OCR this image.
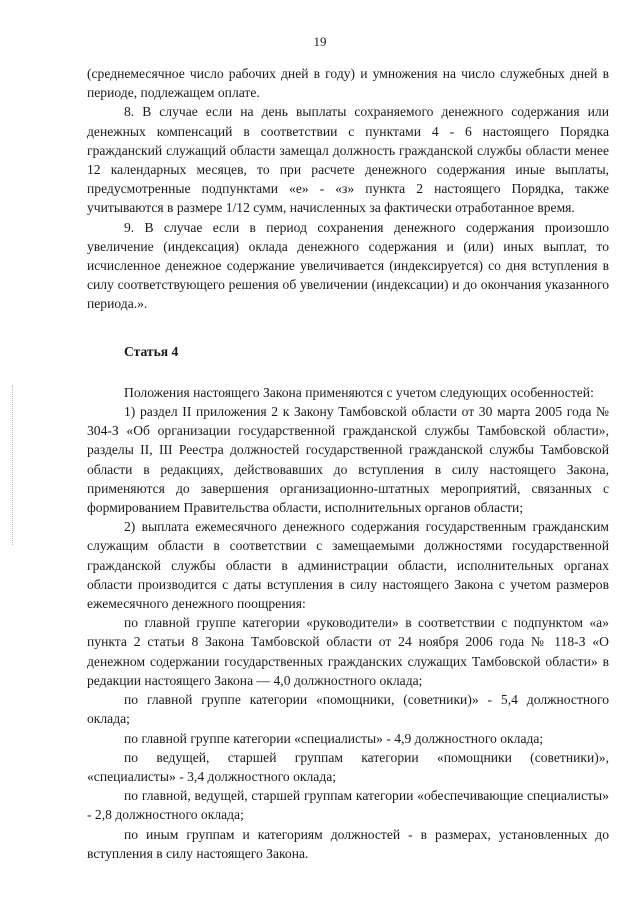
19

(среднемесячное число рабочих дней в году) и умножения на число служебных дней в периоде, подлежащем оплате.

8. В случае если на день выплаты сохраняемого денежного содержания или денежных компенсаций в соответствии с пунктами 4 - 6 настоящего Порядка гражданский служащий области замещал должность гражданской службы области менее 12 календарных месяцев, то при расчете денежного содержания иные выплаты, предусмотренные подпунктами «е» - «з» пункта 2 настоящего Порядка, также учитываются в размере 1/12 сумм, начисленных за фактически отработанное время.

9. В случае если в период сохранения денежного содержания произошло увеличение (индексация) оклада денежного содержания и (или) иных выплат, то исчисленное денежное содержание увеличивается (индексируется) со дня вступления в силу соответствующего решения об увеличении (индексации) и до окончания указанного периода.».

Статья 4

Положения настоящего Закона применяются с учетом следующих особенностей:

1) раздел II приложения 2 к Закону Тамбовской области от 30 марта 2005 года № 304-З «Об организации государственной гражданской службы Тамбовской области», разделы II, III Реестра должностей государственной гражданской службы Тамбовской области в редакциях, действовавших до вступления в силу настоящего Закона, применяются до завершения организационно-штатных мероприятий, связанных с формированием Правительства области, исполнительных органов области;

2) выплата ежемесячного денежного содержания государственным гражданским служащим области в соответствии с замещаемыми должностями государственной гражданской службы области в администрации области, исполнительных органах области производится с даты вступления в силу настоящего Закона с учетом размеров ежемесячного денежного поощрения:

по главной группе категории «руководители» в соответствии с подпунктом «а» пункта 2 статьи 8 Закона Тамбовской области от 24 ноября 2006 года № 118-З «О денежном содержании государственных гражданских служащих Тамбовской области» в редакции настоящего Закона — 4,0 должностного оклада;

по главной группе категории «помощники, (советники)» - 5,4 должностного оклада;

по главной группе категории «специалисты» - 4,9 должностного оклада;

по ведущей, старшей группам категории «помощники (советники)», «специалисты» - 3,4 должностного оклада;

по главной, ведущей, старшей группам категории «обеспечивающие специалисты» - 2,8 должностного оклада;

по иным группам и категориям должностей - в размерах, установленных до вступления в силу настоящего Закона.
